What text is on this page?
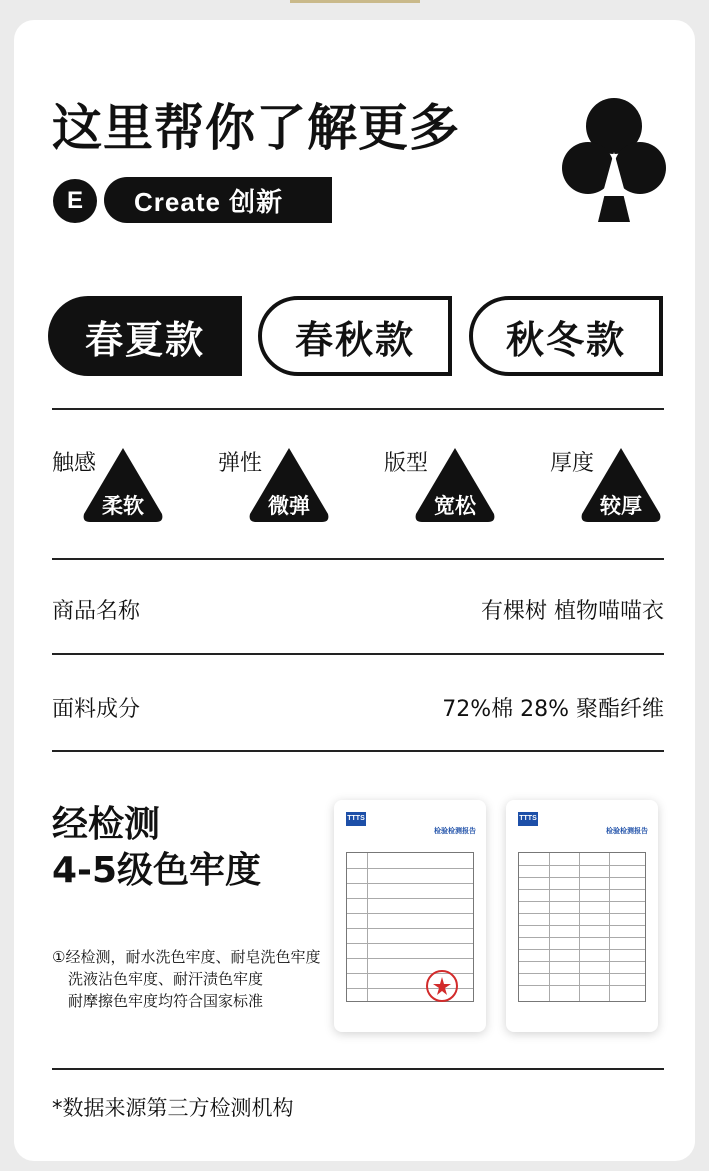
这里帮你了解更多
E	Create 创新
春夏款	春秋款	秋冬款
触感
柔软
弹性
微弹
版型
宽松
厚度
较厚
商品名称	有棵树 植物喵喵衣
面料成分	72%棉 28% 聚酯纤维
经检测
4-5级色牢度
①经检测，耐水洗色牢度、耐皂洗色牢度
洗液沾色牢度、耐汗渍色牢度
耐摩擦色牢度均符合国家标准
TTTS
检验检测报告
TTTS
检验检测报告
*数据来源第三方检测机构
